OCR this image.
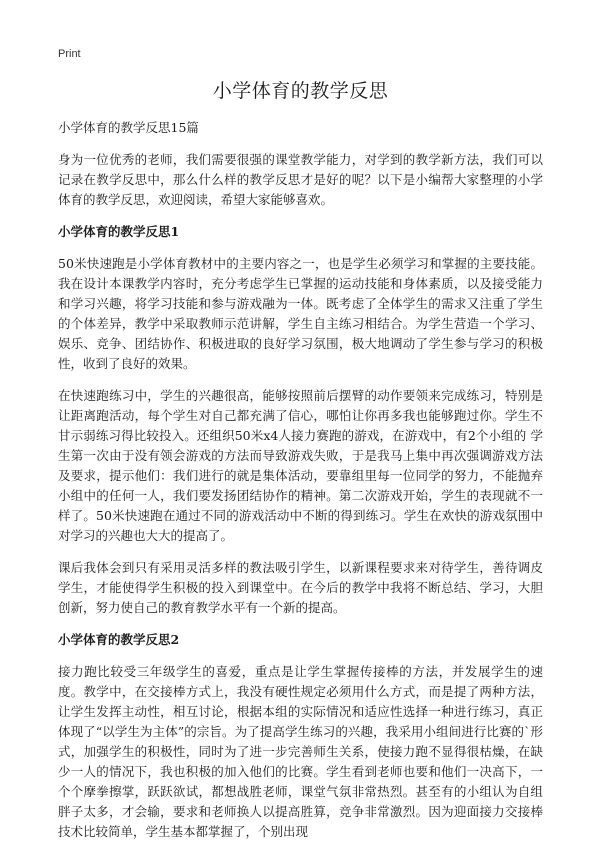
Print
小学体育的教学反思

小学体育的教学反思15篇

身为一位优秀的老师，我们需要很强的课堂教学能力，对学到的教学新方法，我们可以记录在教学反思中，那么什么样的教学反思才是好的呢？以下是小编帮大家整理的小学体育的教学反思，欢迎阅读，希望大家能够喜欢。

小学体育的教学反思1

50米快速跑是小学体育教材中的主要内容之一，也是学生必须学习和掌握的主要技能。我在设计本课教学内容时，充分考虑学生已掌握的运动技能和身体素质，以及接受能力和学习兴趣，将学习技能和参与游戏融为一体。既考虑了全体学生的需求又注重了学生的个体差异，教学中采取教师示范讲解，学生自主练习相结合。为学生营造一个学习、娱乐、竞争、团结协作、积极进取的良好学习氛围，极大地调动了学生参与学习的积极性，收到了良好的效果。

在快速跑练习中，学生的兴趣很高，能够按照前后摆臂的动作要领来完成练习，特别是让距离跑活动，每个学生对自己都充满了信心，哪怕让你再多我也能够跑过你。学生不甘示弱练习得比较投入。还组织50米x4人接力赛跑的游戏，在游戏中，有2个小组的 学生第一次由于没有领会游戏的方法而导致游戏失败，于是我马上集中再次强调游戏方法及要求，提示他们：我们进行的就是集体活动，要靠组里每一位同学的努力，不能抛弃小组中的任何一人，我们要发扬团结协作的精神。第二次游戏开始，学生的表现就不一样了。50米快速跑在通过不同的游戏活动中不断的得到练习。学生在欢快的游戏氛围中对学习的兴趣也大大的提高了。

课后我体会到只有采用灵活多样的教法吸引学生，以新课程要求来对待学生，善待调皮学生，才能使得学生积极的投入到课堂中。在今后的教学中我将不断总结、学习，大胆创新，努力使自己的教育教学水平有一个新的提高。

小学体育的教学反思2

接力跑比较受三年级学生的喜爱，重点是让学生掌握传接棒的方法，并发展学生的速度。教学中，在交接棒方式上，我没有硬性规定必须用什么方式，而是提了两种方法，让学生发挥主动性，相互讨论，根据本组的实际情况和适应性选择一种进行练习，真正体现了“以学生为主体”的宗旨。为了提高学生练习的兴趣，我采用小组间进行比赛的`形式，加强学生的积极性，同时为了进一步完善师生关系，使接力跑不显得很枯燥，在缺少一人的情况下，我也积极的加入他们的比赛。学生看到老师也要和他们一决高下，一个个摩拳擦掌，跃跃欲试，都想战胜老师，课堂气氛非常热烈。甚至有的小组认为自组胖子太多，才会输，要求和老师换人以提高胜算，竞争非常激烈。因为迎面接力交接棒技术比较简单，学生基本都掌握了，个别出现
